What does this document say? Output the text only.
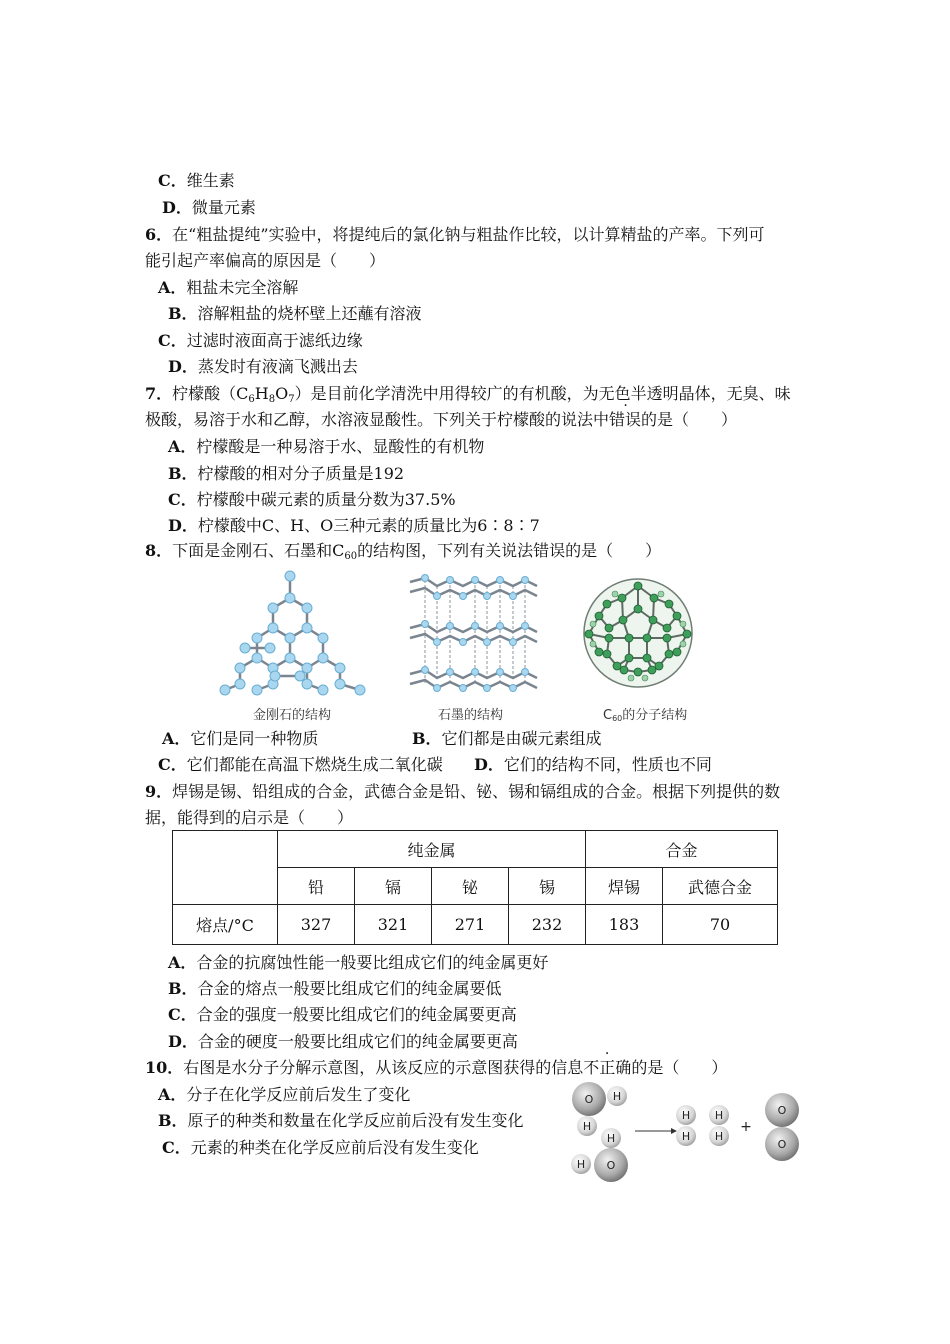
C．维生素
D．微量元素
6．在“粗盐提纯”实验中，将提纯后的氯化钠与粗盐作比较，以计算精盐的产率。下列可
能引起产率偏高的原因是（　　）
A．粗盐未完全溶解
B．溶解粗盐的烧杯壁上还蘸有溶液
C．过滤时液面高于滤纸边缘
D．蒸发时有液滴飞溅出去
7．柠檬酸$(C_6H_8O_7)$是目前化学清洗中用得较广的有机酸，为无色半透明晶体，无臭、味
极酸，易溶于水和乙醇，水溶液显酸性。下列关于柠檬酸的说法中错误的是（　　）
A．柠檬酸是一种易溶于水、显酸性的有机物
B．柠檬酸的相对分子质量是192
C．柠檬酸中碳元素的质量分数为37.5%
D．柠檬酸中C、H、O三种元素的质量比为6∶8∶7
8．下面是金刚石、石墨和$C_{60}$的结构图，下列有关说法错误的是（　　）
金刚石的结构	石墨的结构	C60的分子结构
A．它们是同一种物质	B．它们都是由碳元素组成
C．它们都能在高温下燃烧生成二氧化碳 D．它们的结构不同，性质也不同
9．焊锡是锡、铅组成的合金，武德合金是铅、铋、锡和镉组成的合金。根据下列提供的数
据，能得到的启示是（　　）
	纯金属				合金	
	铅	镉	铋	锡	焊锡	武德合金
熔点/°C	327	321	271	232	183	70
A．合金的抗腐蚀性能一般要比组成它们的纯金属更好
B．合金的熔点一般要比组成它们的纯金属要低
C．合金的强度一般要比组成它们的纯金属要更高
D．合金的硬度一般要比组成它们的纯金属要更高
10．右图是水分子分解示意图，从该反应的示意图获得的信息不正确的是（　　）
A．分子在化学反应前后发生了变化
B．原子的种类和数量在化学反应前后没有发生变化
C．元素的种类在化学反应前后没有发生变化
O H
H
H
H O
H
H
H
H
+
O
O
